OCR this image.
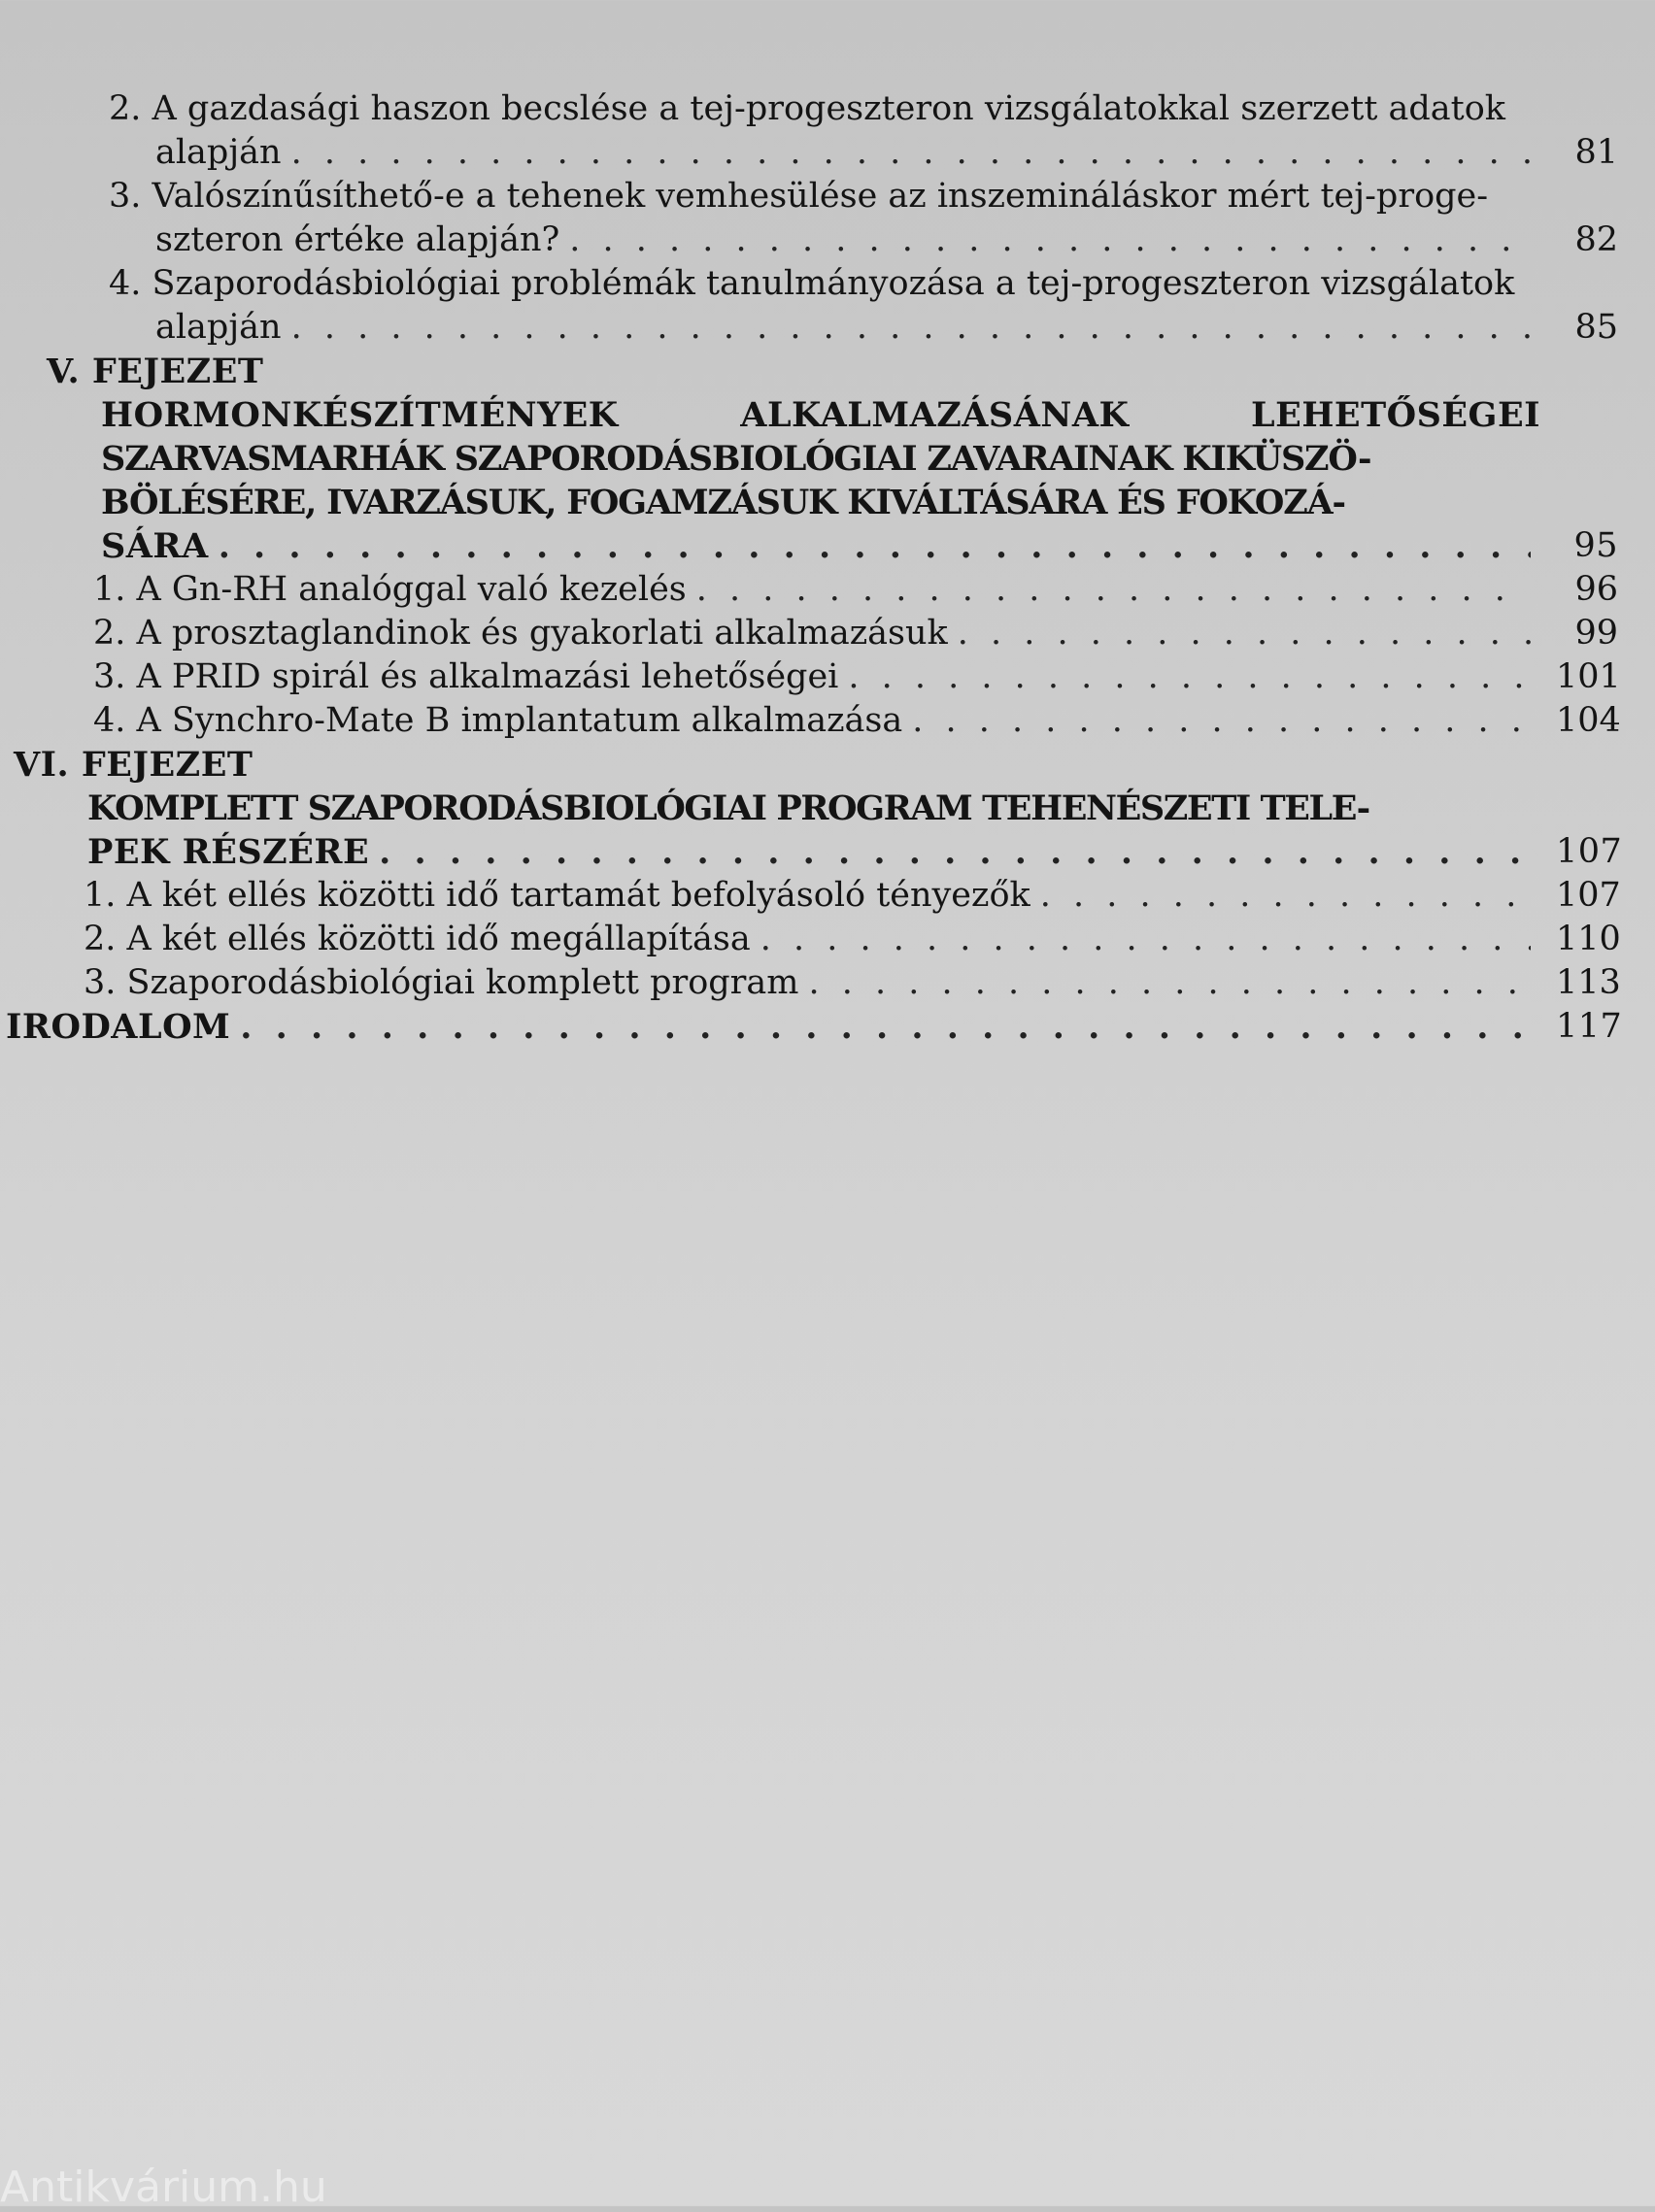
2. A gazdasági haszon becslése a tej-progeszteron vizsgálatokkal szerzett adatok
alapján . . .	81
3. Valószínűsíthető-e a tehenek vemhesülése az inszemináláskor mért tej-proge-
szteron értéke alapján? . . .	82
4. Szaporodásbiológiai problémák tanulmányozása a tej-progeszteron vizsgálatok
alapján . . .	85
V. FEJEZET
HORMONKÉSZÍTMÉNYEK	ALKALMAZÁSÁNAK	LEHETŐSÉGEI
SZARVASMARHÁK SZAPORODÁSBIOLÓGIAI ZAVARAINAK KIKÜSZÖ-
BÖLÉSÉRE, IVARZÁSUK, FOGAMZÁSUK KIVÁLTÁSÁRA ÉS FOKOZÁ-
SÁRA . . .	95
1. A Gn-RH analóggal való kezelés . . .	96
2. A prosztaglandinok és gyakorlati alkalmazásuk . . .	99
3. A PRID spirál és alkalmazási lehetőségei . . .	101
4. A Synchro-Mate B implantatum alkalmazása . . .	104
VI. FEJEZET
KOMPLETT SZAPORODÁSBIOLÓGIAI PROGRAM TEHENÉSZETI TELE-
PEK RÉSZÉRE . . .	107
1. A két ellés közötti idő tartamát befolyásoló tényezők . . .	107
2. A két ellés közötti idő megállapítása . . .	110
3. Szaporodásbiológiai komplett program . . .	113
IRODALOM . . .	117
Antikvárium.hu
